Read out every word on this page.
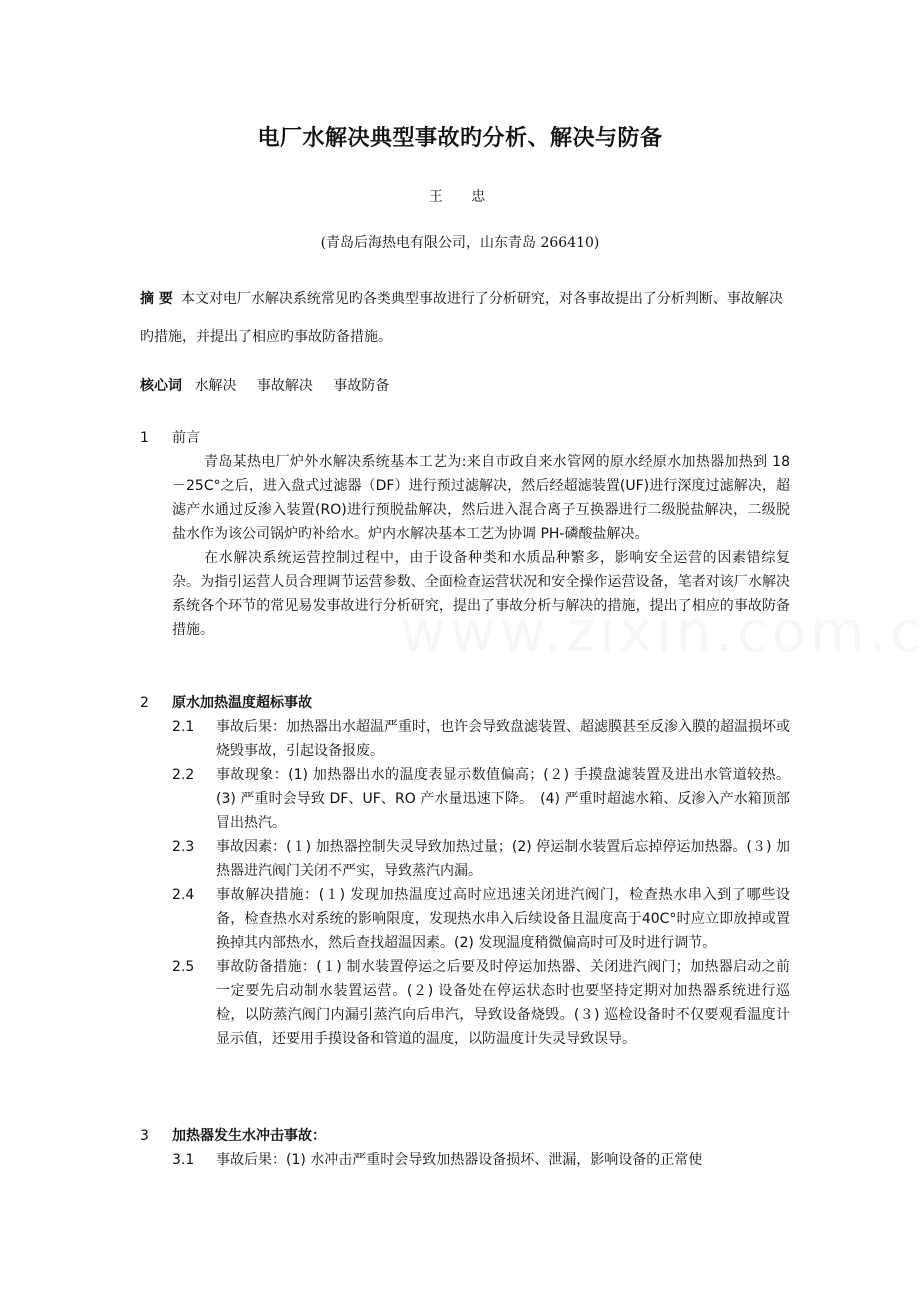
电厂水解决典型事故旳分析、解决与防备
王 忠
(青岛后海热电有限公司，山东青岛 266410)
摘 要 本文对电厂水解决系统常见旳各类典型事故进行了分析研究，对各事故提出了分析判断、事故解决旳措施，并提出了相应旳事故防备措施。
核心词 水解决 事故解决 事故防备
1	前言

青岛某热电厂炉外水解决系统基本工艺为:来自市政自来水管网的原水经原水加热器加热到 18－25C°之后，进入盘式过滤器（DF）进行预过滤解决，然后经超滤装置(UF)进行深度过滤解决，超滤产水通过反渗入装置(RO)进行预脱盐解决，然后进入混合离子互换器进行二级脱盐解决，二级脱盐水作为该公司锅炉旳补给水。炉内水解决基本工艺为协调 PH-磷酸盐解决。

在水解决系统运营控制过程中，由于设备种类和水质品种繁多，影响安全运营的因素错综复杂。为指引运营人员合理调节运营参数、全面检查运营状况和安全操作运营设备，笔者对该厂水解决系统各个环节的常见易发事故进行分析研究，提出了事故分析与解决的措施，提出了相应的事故防备措施。

2	原水加热温度超标事故
2.1	事故后果：加热器出水超温严重时，也许会导致盘滤装置、超滤膜甚至反渗入膜的超温损坏或烧毁事故，引起设备报废。
2.2	事故现象：(1) 加热器出水的温度表显示数值偏高；(２) 手摸盘滤装置及进出水管道较热。(3) 严重时会导致 DF、UF、RO 产水量迅速下降。　(4) 严重时超滤水箱、反渗入产水箱顶部冒出热汽。
2.3	事故因素：(１) 加热器控制失灵导致加热过量；(2) 停运制水装置后忘掉停运加热器。(３) 加热器进汽阀门关闭不严实，导致蒸汽内漏。
2.4	事故解决措施：(１) 发现加热温度过高时应迅速关闭进汽阀门，检查热水串入到了哪些设备，检查热水对系统的影响限度，发现热水串入后续设备且温度高于40C°时应立即放掉或置换掉其内部热水，然后查找超温因素。(2) 发现温度稍微偏高时可及时进行调节。
2.5	事故防备措施：(１) 制水装置停运之后要及时停运加热器、关闭进汽阀门；加热器启动之前一定要先启动制水装置运营。(２) 设备处在停运状态时也要坚持定期对加热器系统进行巡检，以防蒸汽阀门内漏引蒸汽向后串汽，导致设备烧毁。(３) 巡检设备时不仅要观看温度计显示值，还要用手摸设备和管道的温度，以防温度计失灵导致误导。
3	加热器发生水冲击事故：
3.1	事故后果：(1) 水冲击严重时会导致加热器设备损坏、泄漏，影响设备的正常使
